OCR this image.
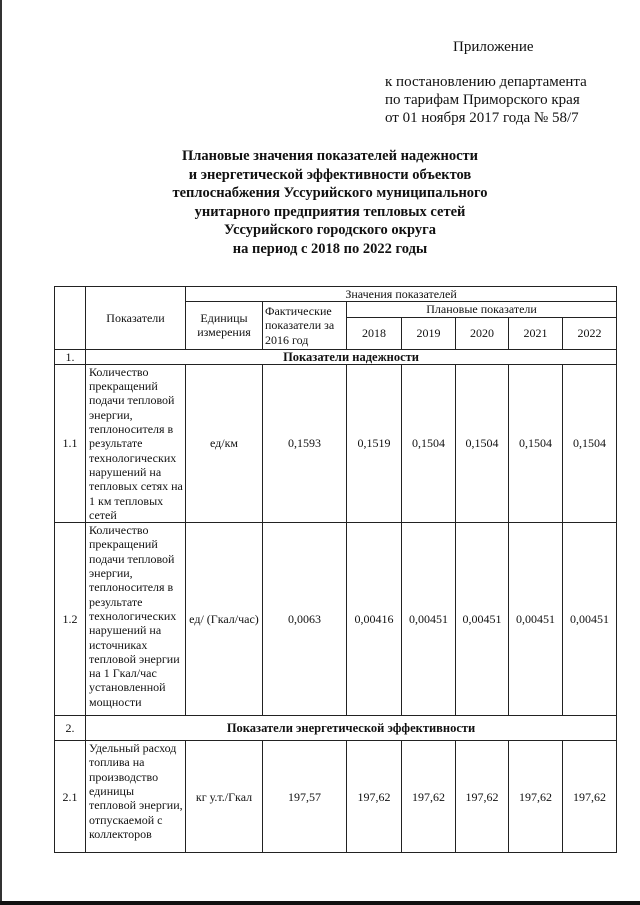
Приложение
к постановлению департамента
по тарифам Приморского края
от 01 ноября 2017 года № 58/7
Плановые значения показателей надежности
и энергетической эффективности объектов
теплоснабжения Уссурийского муниципального
унитарного предприятия тепловых сетей
Уссурийского городского округа
на период с 2018 по 2022 годы
	Показатели	Значения показателей						
		Единицы измерения	Фактические показатели за 2016 год	Плановые показатели				
				2018	2019	2020	2021	2022
1.	Показатели надежности							
1.1	Количество прекращений подачи тепловой энергии, теплоносителя в результате технологических нарушений на тепловых сетях на 1 км тепловых сетей	ед/км	0,1593	0,1519	0,1504	0,1504	0,1504	0,1504
1.2	Количество прекращений подачи тепловой энергии, теплоносителя в результате технологических нарушений на источниках тепловой энергии на 1 Гкал/час установленной мощности	ед/ (Гкал/час)	0,0063	0,00416	0,00451	0,00451	0,00451	0,00451
2.	Показатели энергетической эффективности							
2.1	Удельный расход топлива на производство единицы тепловой энергии, отпускаемой с коллекторов	кг у.т./Гкал	197,57	197,62	197,62	197,62	197,62	197,62
